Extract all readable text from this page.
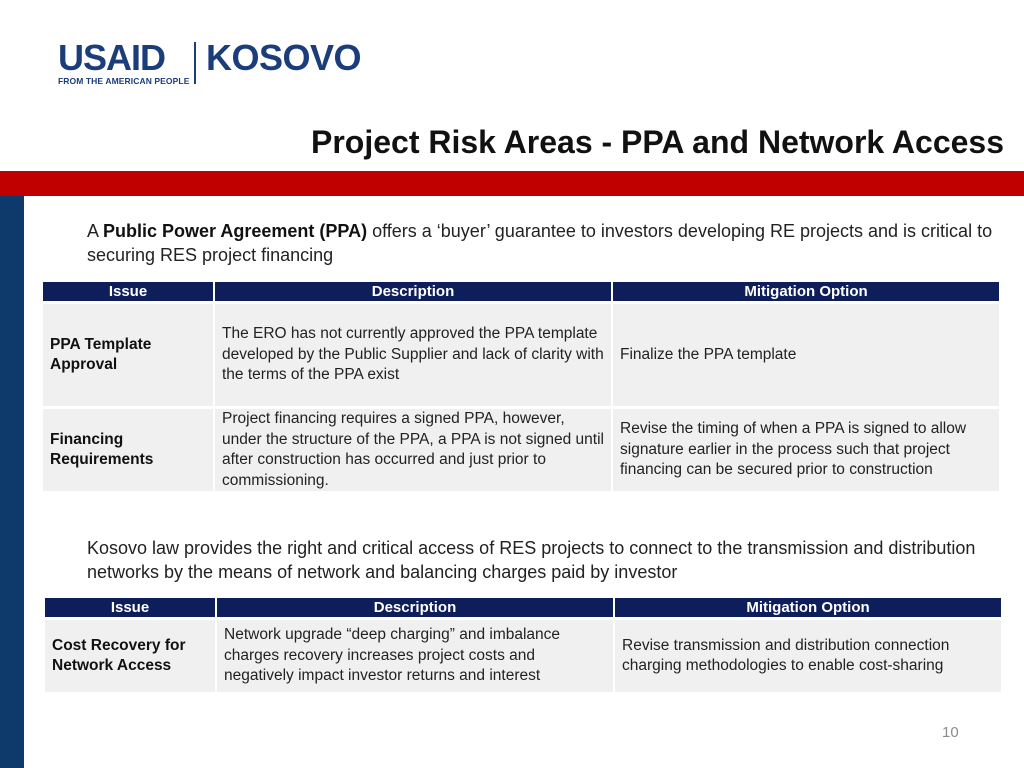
USAID
FROM THE AMERICAN PEOPLE
KOSOVO
Project Risk Areas - PPA and Network Access
A Public Power Agreement (PPA) offers a ‘buyer’ guarantee to investors developing RE projects and is critical to securing RES project financing
Issue	Description	Mitigation Option

PPA Template Approval	The ERO has not currently approved the PPA template developed by the Public Supplier and lack of clarity with the terms of the PPA exist	Finalize the PPA template

Financing Requirements	Project financing requires a signed PPA, however, under the structure of the PPA, a PPA is not signed until after construction has occurred and just prior to commissioning.	Revise the timing of when a PPA is signed to allow signature earlier in the process such that project financing can be secured prior to construction
Kosovo law provides the right and critical access of RES projects to connect to the transmission and distribution networks by the means of network and balancing charges paid by investor
Issue	Description	Mitigation Option

Cost Recovery for Network Access	Network upgrade “deep charging” and imbalance charges recovery increases project costs and negatively impact investor returns and interest	Revise transmission and distribution connection charging methodologies to enable cost-sharing
10
